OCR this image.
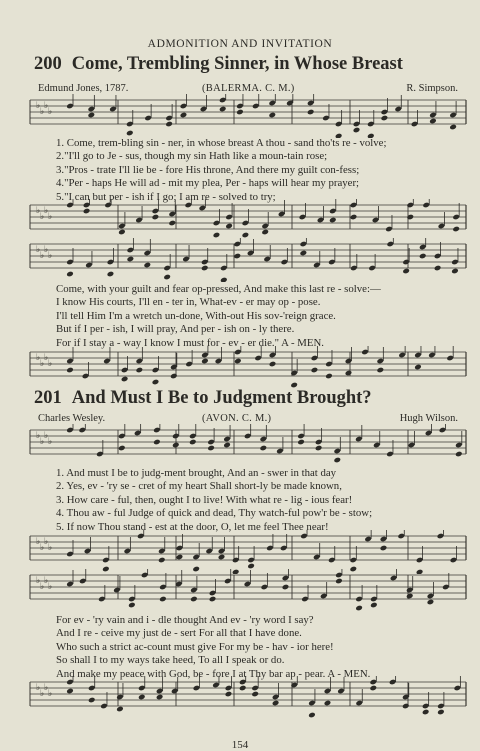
ADMONITION AND INVITATION
200 Come, Trembling Sinner, in Whose Breast
Edmund Jones, 1787.	(BALERMA. C. M.)	R. Simpson.
♭
♭
♭
♭
1. Come, trem-bling sin - ner, in whose breast A thou - sand tho'ts re - volve;
2."I'll go to Je - sus, though my sin Hath like a moun-tain rose;
3."Pros - trate I'll lie be - fore His throne, And there my guilt con-fess;
4."Per - haps He will ad - mit my plea, Per - haps will hear my prayer;
5."I can but per - ish if I go; I am re - solved to try;
♭
♭
♭
♭
♭
♭
♭
♭
Come, with your guilt and fear op-pressed, And make this last re - solve:—
I know His courts, I'll en - ter in, What-ev - er may op - pose.
I'll tell Him I'm a wretch un-done, With-out His sov-'reign grace.
But if I per - ish, I will pray, And per - ish on - ly there.
For if I stay a - way I know I must for - ev - er die." A - MEN.
♭
♭
♭
♭
201 And Must I Be to Judgment Brought?
Charles Wesley.	(AVON. C. M.)	Hugh Wilson.
♭
♭
♭
♭
1. And must I be to judg-ment brought, And an - swer in that day
2. Yes, ev - 'ry se - cret of my heart Shall short-ly be made known,
3. How care - ful, then, ought I to live! With what re - lig - ious fear!
4. Thou aw - ful Judge of quick and dead, Thy watch-ful pow'r be - stow;
5. If now Thou stand - est at the door, O, let me feel Thee near!
♭
♭
♭
♭
♭
♭
♭
♭
For ev - 'ry vain and i - dle thought And ev - 'ry word I say?
And I re - ceive my just de - sert For all that I have done.
Who such a strict ac-count must give For my be - hav - ior here!
So shall I to my ways take heed, To all I speak or do.
And make my peace with God, be - fore I at Thy bar ap - pear. A - MEN.
♭
♭
♭
♭
154
